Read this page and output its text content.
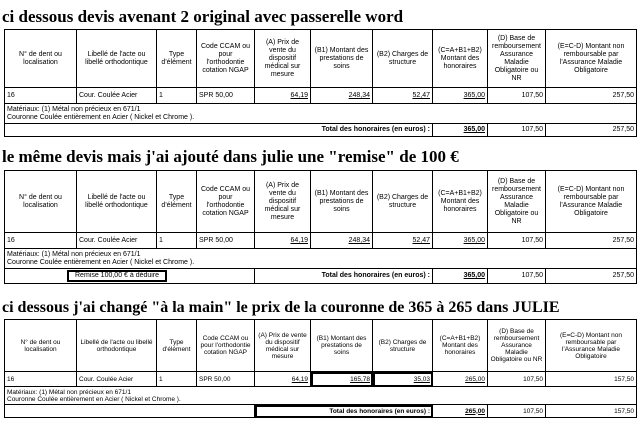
ci dessous devis avenant 2 original avec passerelle word
N° de dent ou localisation	Libellé de l'acte ou libellé orthodontique	Type d'élément	Code CCAM ou pour l'orthodontie cotation NGAP	(A) Prix de vente du dispositif médical sur mesure	(B1) Montant des prestations de soins	(B2) Charges de structure	(C=A+B1+B2) Montant des honoraires	(D) Base de remboursement Assurance Maladie Obligatoire ou NR	(E=C-D) Montant non remboursable par l'Assurance Maladie Obligatoire
16	Cour. Coulée Acier	1	SPR 50,00	64,19	248,34	52,47	365,00	107,50	257,50

Matériaux: (1) Métal non précieux en 671/1
Couronne Coulée entièrement en Acier ( Nickel et Chrome ).									

Total des honoraires (en euros) :							365,00	107,50	257,50
le même devis mais j'ai ajouté dans julie une "remise" de 100 €
N° de dent ou localisation	Libellé de l'acte ou libellé orthodontique	Type d'élément	Code CCAM ou pour l'orthodontie cotation NGAP	(A) Prix de vente du dispositif médical sur mesure	(B1) Montant des prestations de soins	(B2) Charges de structure	(C=A+B1+B2) Montant des honoraires	(D) Base de remboursement Assurance Maladie Obligatoire ou NR	(E=C-D) Montant non remboursable par l'Assurance Maladie Obligatoire
16	Cour. Coulée Acier	1	SPR 50,00	64,19	248,34	52,47	365,00	107,50	257,50

Matériaux: (1) Métal non précieux en 671/1
Couronne Coulée entièrement en Acier ( Nickel et Chrome ).									

Remise 100,00 € à déduire				Total des honoraires (en euros) :			365,00	107,50	257,50
ci dessous j'ai changé "à la main" le prix de la couronne de 365 à 265 dans JULIE
N° de dent ou localisation	Libellé de l'acte ou libellé orthodontique	Type d'élément	Code CCAM ou pour l'orthodontie cotation NGAP	(A) Prix de vente du dispositif médical sur mesure	(B1) Montant des prestations de soins	(B2) Charges de structure	(C=A+B1+B2) Montant des honoraires	(D) Base de remboursement Assurance Maladie Obligatoire ou NR	(E=C-D) Montant non remboursable par l'Assurance Maladie Obligatoire
16	Cour. Coulée Acier	1	SPR 50,00	64,19	165,78	35,03	265,00	107,50	157,50

Matériaux: (1) Métal non précieux en 671/1
Couronne Coulée entièrement en Acier ( Nickel et Chrome ).									

				Total des honoraires (en euros) :			265,00	107,50	157,50
